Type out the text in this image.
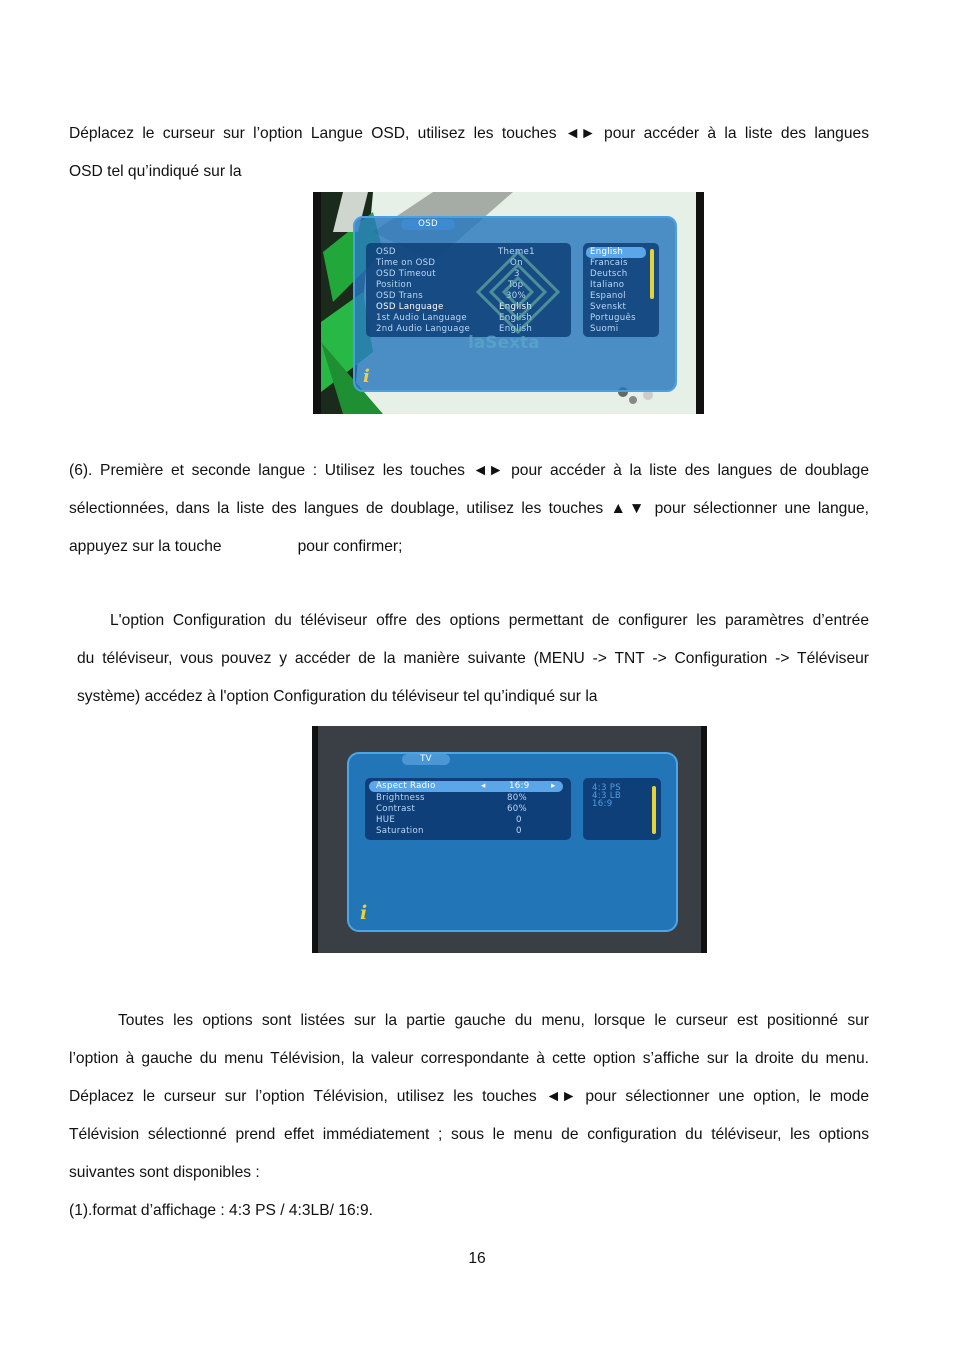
Déplacez le curseur sur l’option Langue OSD, utilisez les touches ◄► pour accéder à la liste des langues
OSD tel qu’indiqué sur la
OSD
OSD	Theme1
Time on OSD	On
OSD Timeout	3
Position	Top
OSD Trans	30%
OSD Language	English
1st Audio Language	English
2nd Audio Language	English
laSexta
English
Francais
Deutsch
Italiano
Espanol
Svenskt
Português
Suomi
i
(6). Première et seconde langue : Utilisez les touches ◄► pour accéder à la liste des langues de doublage
sélectionnées, dans la liste des langues de doublage, utilisez les touches ▲▼ pour sélectionner une langue,
appuyez sur la touche	pour confirmer;
L'option Configuration du téléviseur offre des options permettant de configurer les paramètres d’entrée
du téléviseur, vous pouvez y accéder de la manière suivante (MENU -> TNT -> Configuration -> Téléviseur
système) accédez à l'option Configuration du téléviseur tel qu’indiqué sur la
TV
Aspect Radio	◂	16:9	▸
Brightness	80%
Contrast	60%
HUE	0
Saturation	0
4:3 PS
4:3 LB
16:9
i
Toutes les options sont listées sur la partie gauche du menu, lorsque le curseur est positionné sur
l’option à gauche du menu Télévision, la valeur correspondante à cette option s’affiche sur la droite du menu.
Déplacez le curseur sur l’option Télévision, utilisez les touches ◄► pour sélectionner une option, le mode
Télévision sélectionné prend effet immédiatement ; sous le menu de configuration du téléviseur, les options
suivantes sont disponibles :
(1).format d’affichage : 4:3 PS / 4:3LB/ 16:9.
16
